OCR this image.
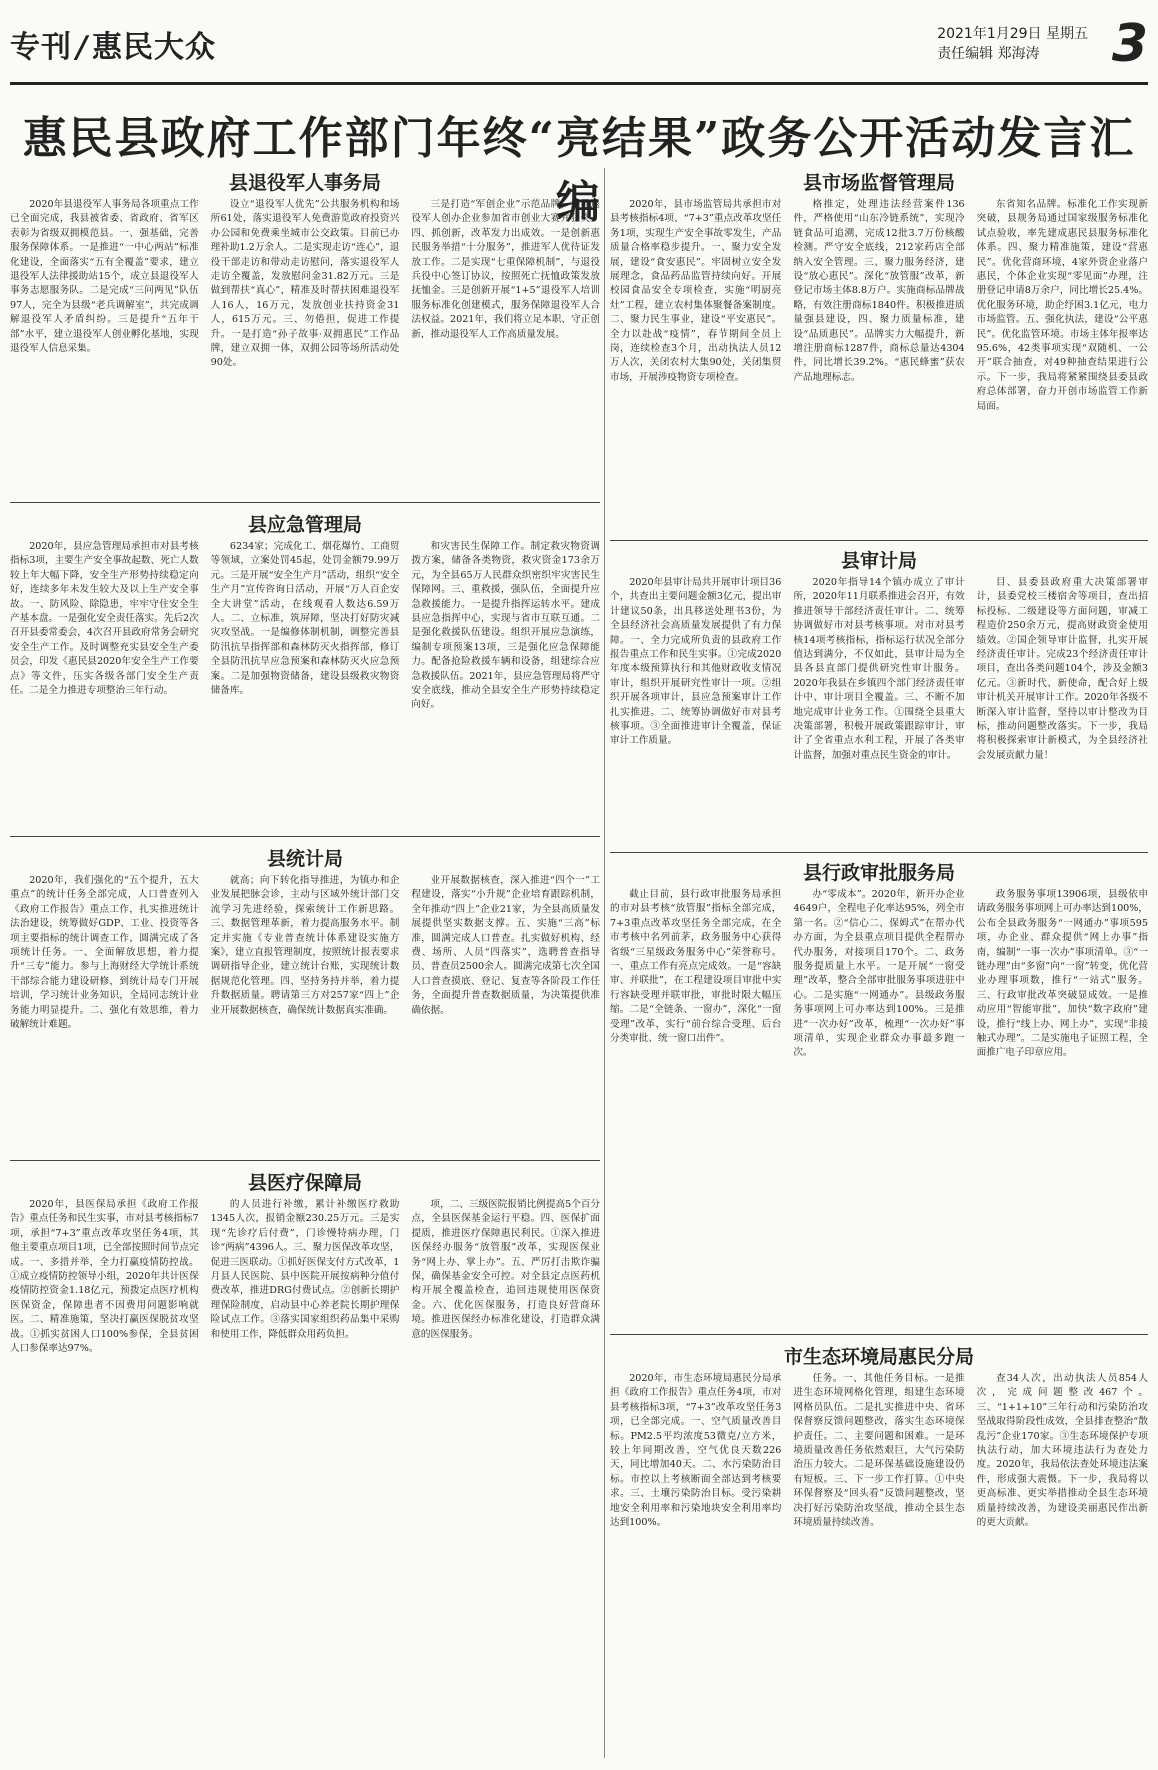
专刊 / 惠民大众	2021年1月29日 星期五
责任编辑 郑海涛	3
惠民县政府工作部门年终“亮结果”政务公开活动发言汇编
县退役军人事务局
2020年县退役军人事务局各项重点工作已全面完成，我县被省委、省政府、省军区表彰为省级双拥模范县。一、强基础，完善服务保障体系。一是推进“一中心两站”标准化建设，全面落实“五有全覆盖”要求，建立退役军人法律援助站15个，成立县退役军人事务志愿服务队。二是完成“三问两见”队伍97人，完全为县级“老兵调解室”，共完成调解退役军人矛盾纠纷。三是提升“五年干部”水平，建立退役军人创业孵化基地，实现退役军人信息采集。
设立“退役军人优先”公共服务机构和场所61处，落实退役军人免费游览政府投资兴办公园和免费乘坐城市公交政策。目前已办理补助1.2万余人。二是实现走访“连心”，退役干部走访和带动走访慰问，落实退役军人走访全覆盖，发放慰问金31.82万元。三是做到帮扶“真心”，精准及时帮扶困难退役军人16人，16万元，发放创业扶持资金31人，615万元。三、勿倦担，促进工作提升。一是打造“孙子故事·双拥惠民”工作品牌，建立双拥一体，双拥公园等场所活动处90处。
三是打造“军创企业”示范品牌，指导退役军人创办企业参加省市创业大赛并获奖。四、抓创新，改革发力出成效。一是创新惠民服务举措“十分服务”，推进军人优待证发放工作。二是实现“七重保障机制”，与退役兵役中心签订协议，按照死亡抚恤政策发放抚恤金。三是创新开展“1+5”退役军人培训服务标准化创建模式，服务保障退役军人合法权益。2021年，我们将立足本职、守正创新，推动退役军人工作高质量发展。
县市场监督管理局
2020年，县市场监管局共承担市对县考核指标4项、“7+3”重点改革攻坚任务1项，实现生产安全事故零发生，产品质量合格率稳步提升。一、聚力安全发展，建设“食安惠民”。牢固树立安全发展理念，食品药品监管持续向好。开展校园食品安全专项检查，实施“明厨亮灶”工程，建立农村集体聚餐备案制度。二、聚力民生事业，建设“平安惠民”。全力以赴战“疫情”，春节期间全员上岗，连续检查3个月，出动执法人员12万人次，关闭农村大集90处，关闭集贸市场，开展涉疫物资专项检查。
格推定，处理违法经营案件136件，严格使用“山东冷链系统”，实现冷链食品可追溯，完成12批3.7万份核酸检测。严守安全底线，212家药店全部纳入安全管理。三、聚力服务经济，建设“放心惠民”。深化“放管服”改革，新登记市场主体8.8万户。实施商标品牌战略，有效注册商标1840件。积极推进质量强县建设，四、聚力质量标准，建设“品质惠民”。品牌实力大幅提升，新增注册商标1287件，商标总量达4304件，同比增长39.2%。“惠民蜂蜜”获农产品地理标志。
东省知名品牌。标准化工作实现新突破，县规务局通过国家级服务标准化试点验收，率先建成惠民县服务标准化体系。四、聚力精准施策，建设“营惠民”。优化营商环境，4家外资企业落户惠民，个体企业实现“零见面”办理，注册登记申请8万余户，同比增长25.4%。优化服务环境，助企纾困3.1亿元，电力市场监管。五、强化执法，建设“公平惠民”。优化监管环境。市场主体年报率达95.6%，42类事项实现“双随机、一公开”联合抽查，对49种抽查结果进行公示。下一步，我局将紧紧围绕县委县政府总体部署，奋力开创市场监管工作新局面。
县应急管理局
2020年，县应急管理局承担市对县考核指标3项，主要生产安全事故起数、死亡人数较上年大幅下降，安全生产形势持续稳定向好，连续多年未发生较大及以上生产安全事故。一、防风险、除隐患，牢牢守住安全生产基本盘。一是强化安全责任落实。先后2次召开县委常委会，4次召开县政府常务会研究安全生产工作。及时调整充实县安全生产委员会，印发《惠民县2020年安全生产工作要点》等文件，压实各级各部门安全生产责任。二是全力推进专项整治三年行动。
6234家；完成化工、烟花爆竹、工商贸等领域，立案处罚45起，处罚金额79.99万元。三是开展“安全生产月”活动，组织“安全生产月”宣传咨询日活动，开展“万人百企安全大讲堂”活动，在线观看人数达6.59万人。二、立标准，筑屏障，坚决打好防灾减灾攻坚战。一是编修体制机制，调整完善县防汛抗旱指挥部和森林防灭火指挥部，修订全县防汛抗旱应急预案和森林防灭火应急预案。二是加强物资储备，建设县级救灾物资储备库。
和灾害民生保障工作。制定救灾物资调拨方案，储备各类物资，救灾资金173余万元，为全县65万人民群众织密织牢灾害民生保障网。三、重救援，强队伍，全面提升应急救援能力。一是提升指挥运转水平。建成县应急指挥中心，实现与省市互联互通。二是强化救援队伍建设。组织开展应急演练，编制专项预案13项，三是强化应急保障能力。配备抢险救援车辆和设备，组建综合应急救援队伍。2021年，县应急管理局将严守安全底线，推动全县安全生产形势持续稳定向好。
县审计局
2020年县审计局共开展审计项目36个，共查出主要问题金额3亿元，提出审计建议50条，出具移送处理书3份，为全县经济社会高质量发展提供了有力保障。一、全力完成所负责的县政府工作报告重点工作和民生实事。①完成2020年度本级预算执行和其他财政收支情况审计，组织开展研究性审计一项。②组织开展各项审计，县应急预案审计工作扎实推进。二、统筹协调做好市对县考核事项。③全面推进审计全覆盖，保证审计工作质量。
2020年指导14个镇办成立了审计所，2020年11月联系推进会召开，有效推进领导干部经济责任审计。二、统筹协调做好市对县考核事项。对市对县考核14项考核指标，指标运行状况全部分值达到满分，不仅如此，县审计局为全县各县直部门提供研究性审计服务。2020年我县在乡镇四个部门经济责任审计中、审计项目全覆盖。三、不断不加地完成审计业务工作。①围绕全县重大决策部署，积极开展政策跟踪审计，审计了全省重点水利工程，开展了各类审计监督，加强对重点民生资金的审计。
目、县委县政府重大决策部署审计，县委党校三楼宿舍等项目，查出招标投标、二级建设等方面问题，审减工程造价250余万元，提高财政资金使用绩效。②国企领导审计监督，扎实开展经济责任审计。完成23个经济责任审计项目，查出各类问题104个，涉及金额3亿元。③新时代、新使命，配合好上级审计机关开展审计工作。2020年各级不断深入审计监督，坚持以审计整改为目标，推动问题整改落实。下一步，我局将积极探索审计新模式，为全县经济社会发展贡献力量！
县统计局
2020年，我们强化的“五个提升，五大重点”的统计任务全部完成，人口普查列入《政府工作报告》重点工作，扎实推进统计法治建设，统筹做好GDP、工业、投资等各项主要指标的统计调查工作，圆满完成了各项统计任务。一、全面解放思想，着力提升“三专”能力。参与上海财经大学统计系统干部综合能力建设研修，到统计局专门开展培训，学习统计业务知识，全局同志统计业务能力明显提升。二、强化有效思维，着力破解统计难题。
就高；向下转化指导推进，为镇办和企业发展把脉会诊，主动与区域外统计部门交流学习先进经验，探索统计工作新思路。三、数据管理革新，着力提高服务水平。制定并实施《专业普查统计体系建设实施方案》，建立直报管理制度，按照统计报表要求调研指导企业，建立统计台账，实现统计数据规范化管理。四、坚持务持并举，着力提升数据质量。聘请第三方对257家“四上”企业开展数据核查，确保统计数据真实准确。
业开展数据核查，深入推进“四个一”工程建设，落实“小升规”企业培育跟踪机制，全年推动“四上”企业21家，为全县高质量发展提供坚实数据支撑。五、实施“三高”标准，圆满完成人口普查。扎实做好机构、经费、场所、人员“四落实”，选聘普查指导员、普查员2500余人。圆满完成第七次全国人口普查摸底、登记、复查等各阶段工作任务，全面提升普查数据质量，为决策提供准确依据。
县行政审批服务局
截止目前，县行政审批服务局承担的市对县考核“放管服”指标全部完成，7+3重点改革攻坚任务全部完成，在全市考核中名列前茅，政务服务中心获得省级“三星级政务服务中心”荣誉称号。一、重点工作有亮点完成效。一是“容缺审、并联批”，在工程建设项目审批中实行容缺受理并联审批，审批时限大幅压缩。二是“全链条、一窗办”，深化“一窗受理”改革，实行“前台综合受理、后台分类审批、统一窗口出件”。
办“零成本”。2020年，新开办企业4649户，全程电子化率达95%，列全市第一名。②“信心二、保姆式”在帮办代办方面，为全县重点项目提供全程帮办代办服务，对接项目170个。二、政务服务提质量上水平。一是开展“一窗受理”改革，整合全部审批服务事项进驻中心。二是实施“一网通办”。县级政务服务事项网上可办率达到100%。三是推进“一次办好”改革，梳理“一次办好”事项清单，实现企业群众办事最多跑一次。
政务服务事项13906项，县级依申请政务服务事项网上可办率达到100%，公布全县政务服务“一网通办”事项595项，办企业、群众提供“网上办事”指南，编制“一事一次办”事项清单。③“一链办理”由“多窗”向“一窗”转变，优化营业办理事项数，推行“一站式”服务。三、行政审批改革突破显成效。一是推动应用“智能审批”，加快“数字政府”建设，推行“线上办、网上办”，实现“非接触式办理”。二是实施电子证照工程，全面推广电子印章应用。
县医疗保障局
2020年，县医保局承担《政府工作报告》重点任务和民生实事，市对县考核指标7项，承担“7+3”重点改革攻坚任务4项，其他主要重点项目1项，已全部按照时间节点完成。一、多措并举，全力打赢疫情防控战。①成立疫情防控领导小组，2020年共计医保疫情防控资金1.18亿元，预拨定点医疗机构医保资金，保障患者不因费用问题影响就医。二、精准施策，坚决打赢医保脱贫攻坚战。①抓实贫困人口100%参保，全县贫困人口参保率达97%。
的人员进行补缴，累计补缴医疗救助1345人次，报销金额230.25万元。三是实现“先诊疗后付费”，门诊慢特病办理，门诊“两病”4396人。三、聚力医保改革攻坚，促进三医联动。①抓好医保支付方式改革，1月县人民医院、县中医院开展按病种分值付费改革，推进DRG付费试点。②创新长期护理保险制度，启动县中心养老院长期护理保险试点工作。③落实国家组织药品集中采购和使用工作，降低群众用药负担。
项，二、三级医院报销比例提高5个百分点，全县医保基金运行平稳。四、医保扩面提质，推进医疗保障惠民利民。①深入推进医保经办服务“放管服”改革，实现医保业务“网上办、掌上办”。五、严厉打击欺诈骗保，确保基金安全可控。对全县定点医药机构开展全覆盖检查，追回违规使用医保资金。六、优化医保服务，打造良好营商环境。推进医保经办标准化建设，打造群众满意的医保服务。
市生态环境局惠民分局
2020年，市生态环境局惠民分局承担《政府工作报告》重点任务4项，市对县考核指标3项，“7+3”改革攻坚任务3项，已全部完成。一、空气质量改善目标。PM2.5平均浓度53微克/立方米，较上年同期改善，空气优良天数226天，同比增加40天。二、水污染防治目标。市控以上考核断面全部达到考核要求。三、土壤污染防治目标。受污染耕地安全利用率和污染地块安全利用率均达到100%。
任务。一、其他任务目标。一是推进生态环境网格化管理，组建生态环境网格员队伍。二是扎实推进中央、省环保督察反馈问题整改，落实生态环境保护责任。二、主要问题和困难。一是环境质量改善任务依然艰巨，大气污染防治压力较大。二是环保基础设施建设仍有短板。三、下一步工作打算。①中央环保督察及“回头看”反馈问题整改，坚决打好污染防治攻坚战，推动全县生态环境质量持续改善。
查34人次，出动执法人员854人次，完成问题整改467个。三、“1+1+10”三年行动和污染防治攻坚战取得阶段性成效，全县排查整治“散乱污”企业170家。③生态环境保护专项执法行动，加大环境违法行为查处力度。2020年，我局依法查处环境违法案件，形成强大震慑。下一步，我局将以更高标准、更实举措推动全县生态环境质量持续改善，为建设美丽惠民作出新的更大贡献。
